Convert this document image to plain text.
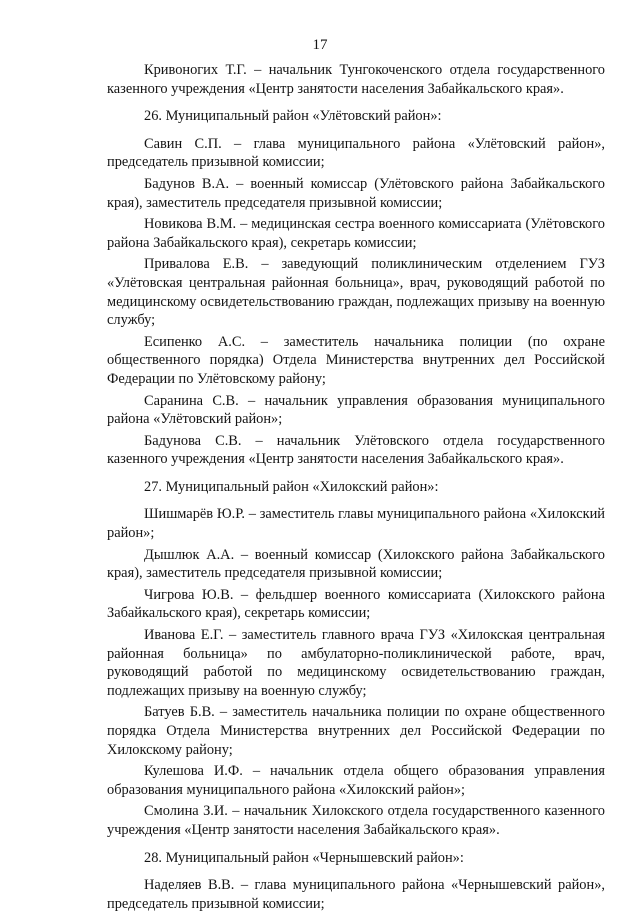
17

Кривоногих Т.Г. – начальник Тунгокоченского отдела государственного казенного учреждения «Центр занятости населения Забайкальского края».

26. Муниципальный район «Улётовский район»:

Савин С.П. – глава муниципального района «Улётовский район», председатель призывной комиссии;

Бадунов В.А. – военный комиссар (Улётовского района Забайкальского края), заместитель председателя призывной комиссии;

Новикова В.М. – медицинская сестра военного комиссариата (Улётовского района Забайкальского края), секретарь комиссии;

Привалова Е.В. – заведующий поликлиническим отделением ГУЗ «Улётовская центральная районная больница», врач, руководящий работой по медицинскому освидетельствованию граждан, подлежащих призыву на военную службу;

Есипенко А.С. – заместитель начальника полиции (по охране общественного порядка) Отдела Министерства внутренних дел Российской Федерации по Улётовскому району;

Саранина С.В. – начальник управления образования муниципального района «Улётовский район»;

Бадунова С.В. – начальник Улётовского отдела государственного казенного учреждения «Центр занятости населения Забайкальского края».

27. Муниципальный район «Хилокский район»:

Шишмарёв Ю.Р. – заместитель главы муниципального района «Хилокский район»;

Дышлюк А.А. – военный комиссар (Хилокского района Забайкальского края), заместитель председателя призывной комиссии;

Чигрова Ю.В. – фельдшер военного комиссариата (Хилокского района Забайкальского края), секретарь комиссии;

Иванова Е.Г. – заместитель главного врача ГУЗ «Хилокская центральная районная больница» по амбулаторно-поликлинической работе, врач, руководящий работой по медицинскому освидетельствованию граждан, подлежащих призыву на военную службу;

Батуев Б.В. – заместитель начальника полиции по охране общественного порядка Отдела Министерства внутренних дел Российской Федерации по Хилокскому району;

Кулешова И.Ф. – начальник отдела общего образования управления образования муниципального района «Хилокский район»;

Смолина З.И. – начальник Хилокского отдела государственного казенного учреждения «Центр занятости населения Забайкальского края».

28. Муниципальный район «Чернышевский район»:

Наделяев В.В. – глава муниципального района «Чернышевский район», председатель призывной комиссии;
